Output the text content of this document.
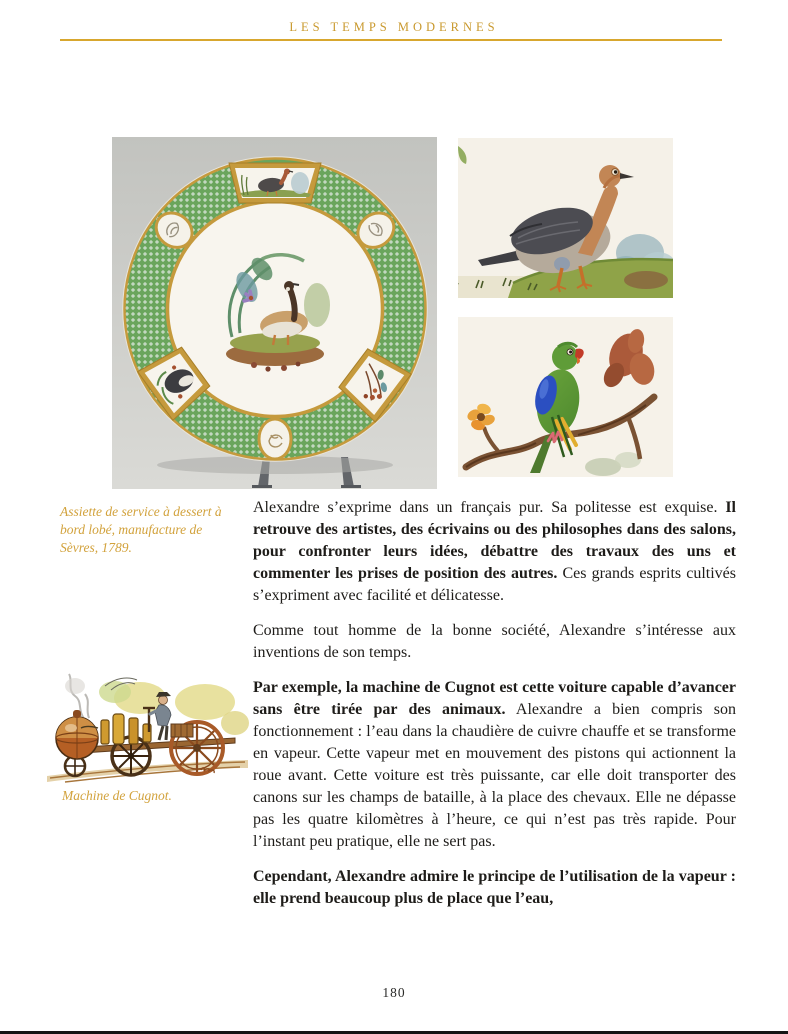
LES TEMPS MODERNES
Assiette de service à dessert à bord lobé, manufacture de Sèvres, 1789.

Alexandre s’exprime dans un français pur. Sa politesse est exquise. Il retrouve des artistes, des écrivains ou des philosophes dans des salons, pour confronter leurs idées, débattre des travaux des uns et commenter les prises de position des autres. Ces grands esprits cultivés s’expriment avec facilité et délicatesse.

Comme tout homme de la bonne société, Alexandre s’intéresse aux inventions de son temps.

Par exemple, la machine de Cugnot est cette voiture capable d’avancer sans être tirée par des animaux. Alexandre a bien compris son fonctionnement : l’eau dans la chaudière de cuivre chauffe et se transforme en vapeur. Cette vapeur met en mouvement des pistons qui actionnent la roue avant. Cette voiture est très puissante, car elle doit transporter des canons sur les champs de bataille, à la place des chevaux. Elle ne dépasse pas les quatre kilomètres à l’heure, ce qui n’est pas très rapide. Pour l’instant peu pratique, elle ne sert pas.

Cependant, Alexandre admire le principe de l’utilisation de la vapeur : elle prend beaucoup plus de place que l’eau,

Machine de Cugnot.
180
